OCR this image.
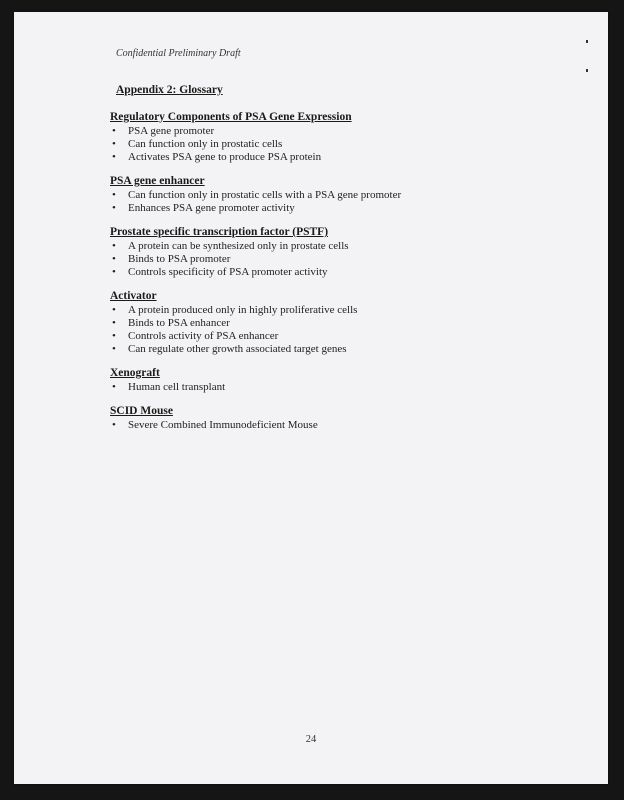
Confidential Preliminary Draft
Appendix 2: Glossary
Regulatory Components of PSA Gene Expression
• PSA gene promoter
• Can function only in prostatic cells
• Activates PSA gene to produce PSA protein
PSA gene enhancer
• Can function only in prostatic cells with a PSA gene promoter
• Enhances PSA gene promoter activity
Prostate specific transcription factor (PSTF)
• A protein can be synthesized only in prostate cells
• Binds to PSA promoter
• Controls specificity of PSA promoter activity
Activator
• A protein produced only in highly proliferative cells
• Binds to PSA enhancer
• Controls activity of PSA enhancer
• Can regulate other growth associated target genes
Xenograft
• Human cell transplant
SCID Mouse
• Severe Combined Immunodeficient Mouse
24
